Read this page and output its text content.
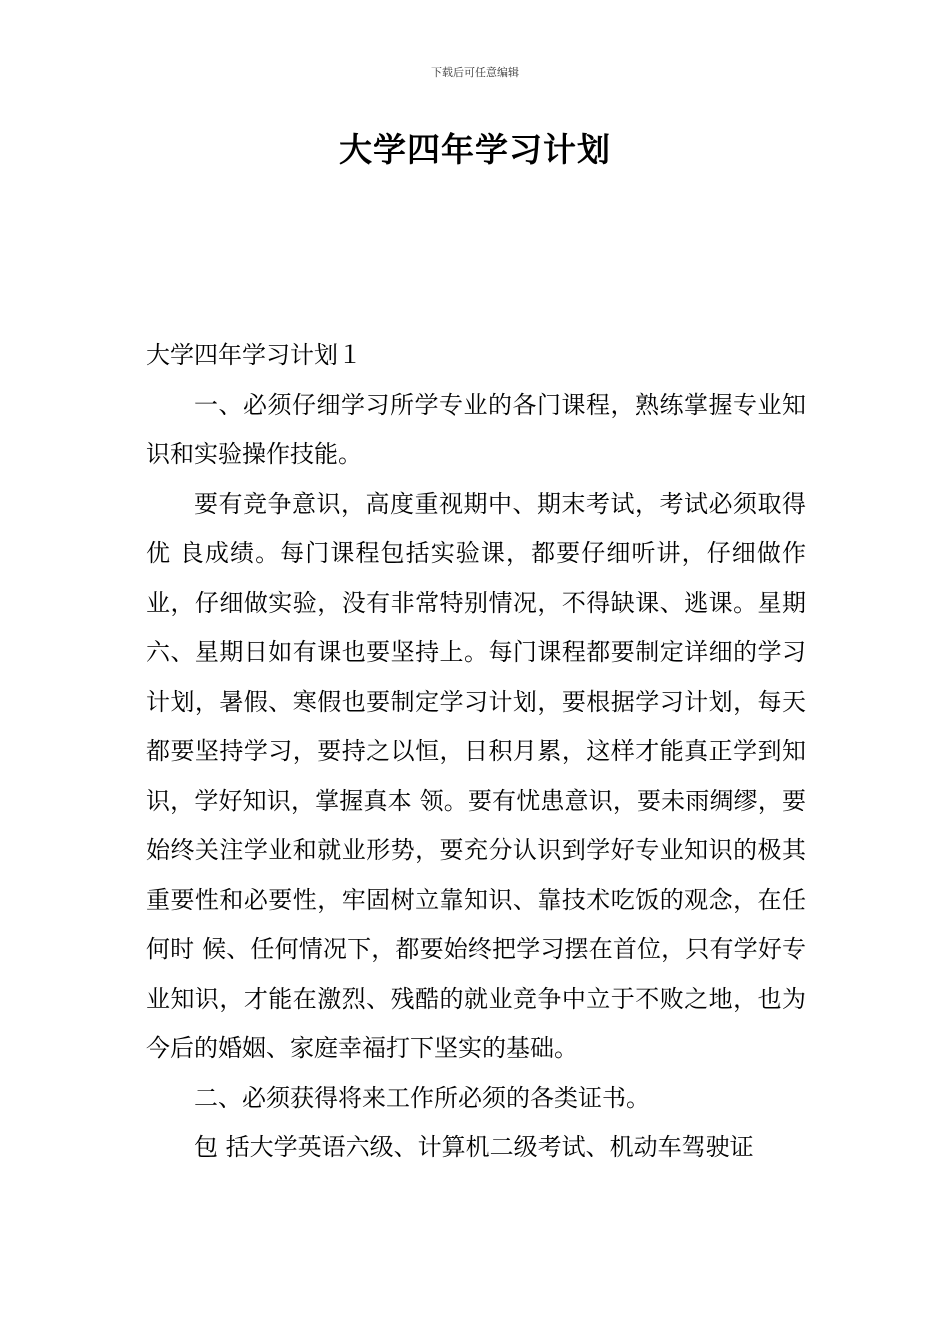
下载后可任意编辑
大学四年学习计划

大学四年学习计划１

一、必须仔细学习所学专业的各门课程，熟练掌握专业知识和实验操作技能。

要有竞争意识，高度重视期中、期末考试，考试必须取得优 良成绩。每门课程包括实验课，都要仔细听讲，仔细做作业，仔细做实验，没有非常特别情况，不得缺课、逃课。星期六、星期日如有课也要坚持上。每门课程都要制定详细的学习计划，暑假、寒假也要制定学习计划，要根据学习计划，每天都要坚持学习，要持之以恒，日积月累，这样才能真正学到知识，学好知识，掌握真本 领。要有忧患意识，要未雨绸缪，要始终关注学业和就业形势，要充分认识到学好专业知识的极其重要性和必要性，牢固树立靠知识、靠技术吃饭的观念，在任何时 候、任何情况下，都要始终把学习摆在首位，只有学好专业知识，才能在激烈、残酷的就业竞争中立于不败之地，也为今后的婚姻、家庭幸福打下坚实的基础。

二、必须获得将来工作所必须的各类证书。

包 括大学英语六级、计算机二级考试、机动车驾驶证
